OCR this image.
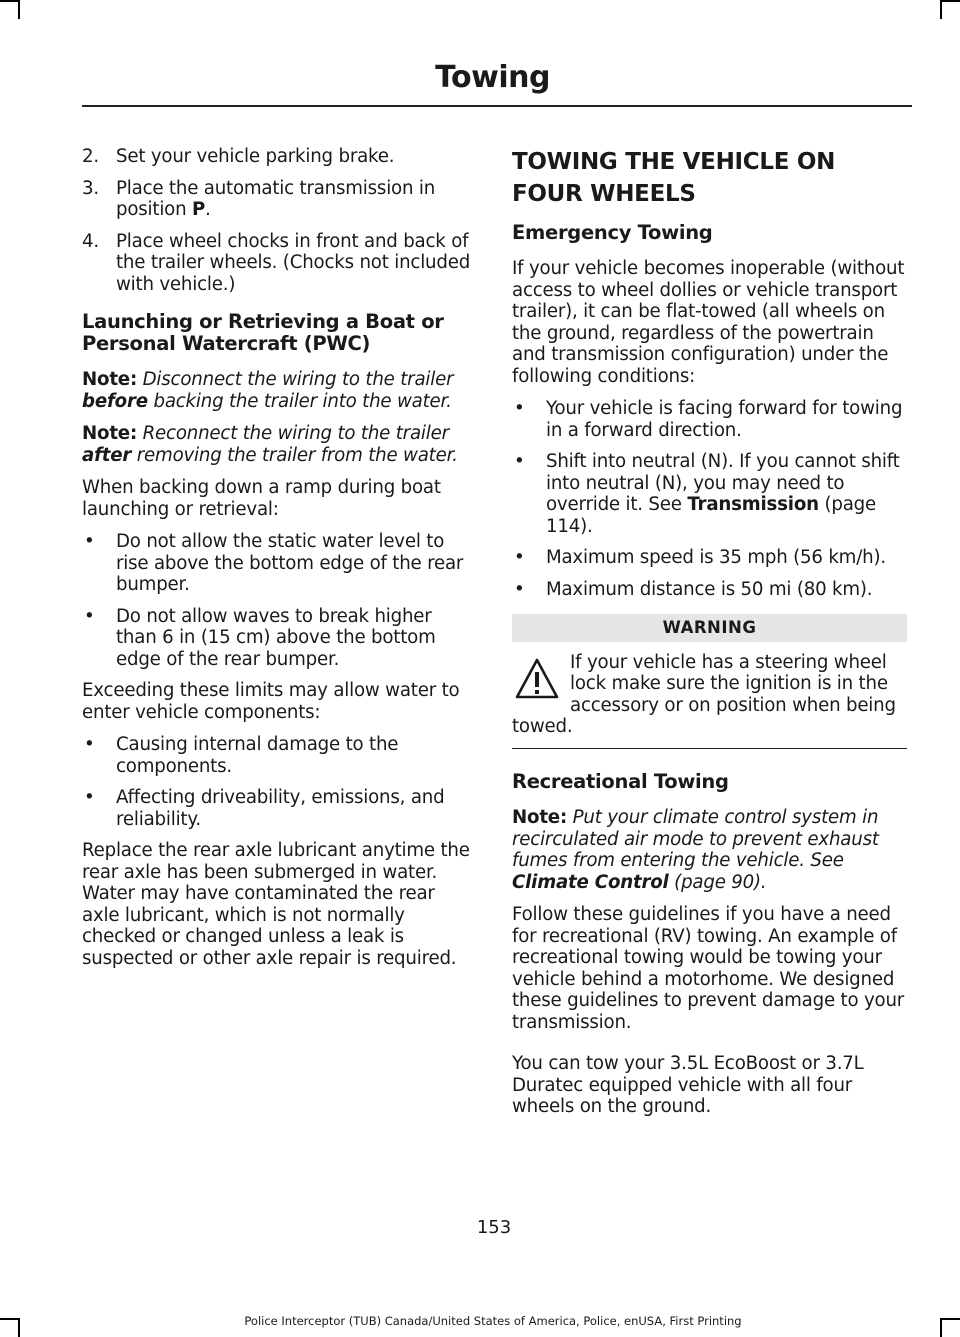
Towing
2. Set your vehicle parking brake.
3. Place the automatic transmission in position P.
4. Place wheel chocks in front and back of the trailer wheels. (Chocks not included with vehicle.)
Launching or Retrieving a Boat or Personal Watercraft (PWC)

Note: Disconnect the wiring to the trailer before backing the trailer into the water.

Note: Reconnect the wiring to the trailer after removing the trailer from the water.

When backing down a ramp during boat launching or retrieval:

•	Do not allow the static water level to rise above the bottom edge of the rear bumper.
•	Do not allow waves to break higher than 6 in (15 cm) above the bottom edge of the rear bumper.

Exceeding these limits may allow water to enter vehicle components:

•	Causing internal damage to the components.
•	Affecting driveability, emissions, and reliability.

Replace the rear axle lubricant anytime the rear axle has been submerged in water. Water may have contaminated the rear axle lubricant, which is not normally checked or changed unless a leak is suspected or other axle repair is required.

TOWING THE VEHICLE ON FOUR WHEELS
Emergency Towing

If your vehicle becomes inoperable (without access to wheel dollies or vehicle transport trailer), it can be flat-towed (all wheels on the ground, regardless of the powertrain and transmission configuration) under the following conditions:

•	Your vehicle is facing forward for towing in a forward direction.
•	Shift into neutral (N). If you cannot shift into neutral (N), you may need to override it. See Transmission (page 114).
•	Maximum speed is 35 mph (56 km/h).
•	Maximum distance is 50 mi (80 km).
WARNING
If your vehicle has a steering wheel lock make sure the ignition is in the accessory or on position when being towed.
Recreational Towing

Note: Put your climate control system in recirculated air mode to prevent exhaust fumes from entering the vehicle. See Climate Control (page 90).

Follow these guidelines if you have a need for recreational (RV) towing. An example of recreational towing would be towing your vehicle behind a motorhome. We designed these guidelines to prevent damage to your transmission.

You can tow your 3.5L EcoBoost or 3.7L Duratec equipped vehicle with all four wheels on the ground.

153
Police Interceptor (TUB) Canada/United States of America, Police, enUSA, First Printing
